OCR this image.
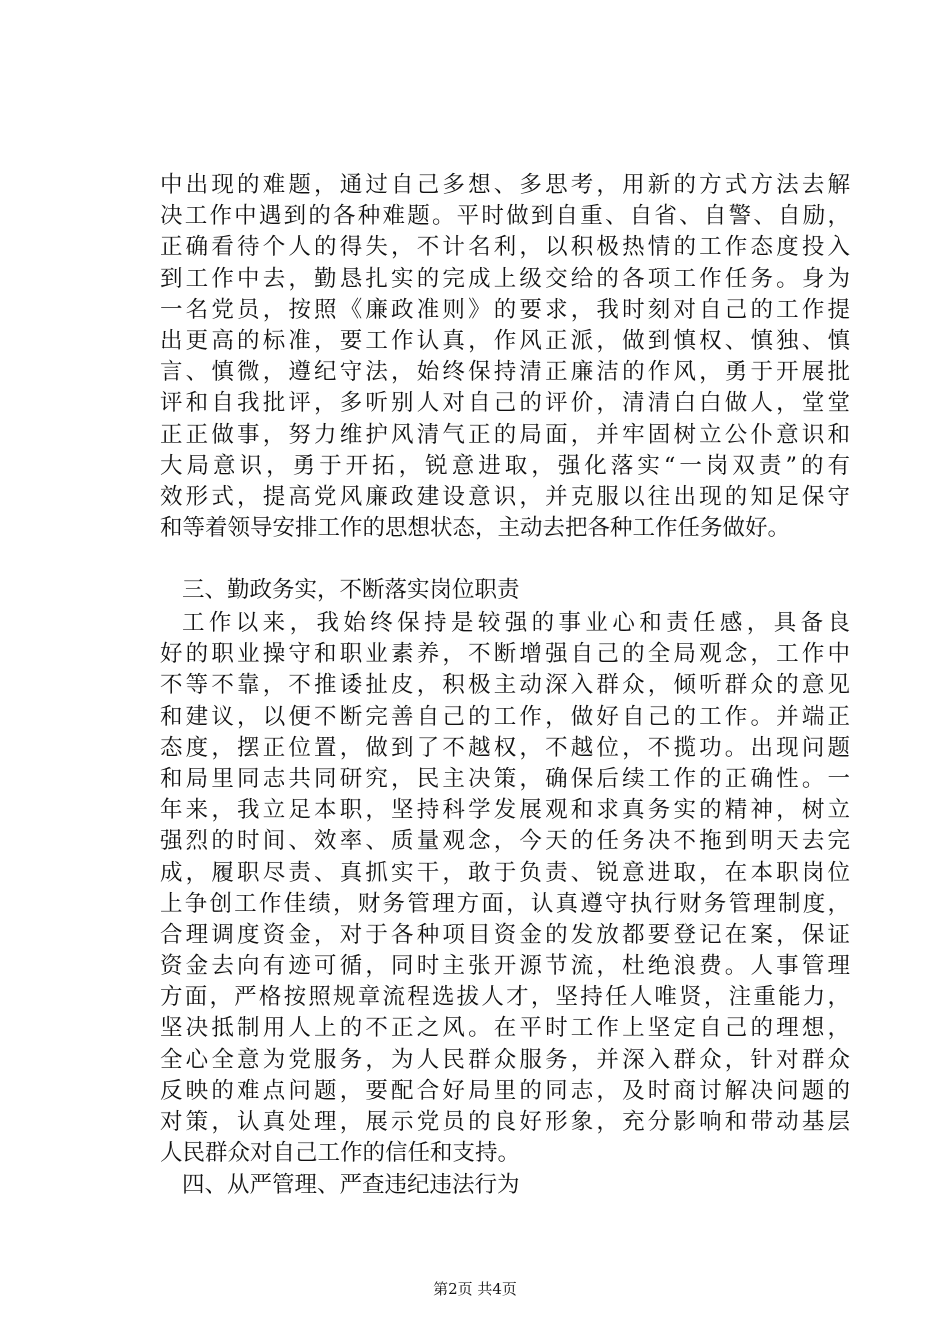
中出现的难题，通过自己多想、多思考，用新的方式方法去解
决工作中遇到的各种难题。平时做到自重、自省、自警、自励，
正确看待个人的得失，不计名利，以积极热情的工作态度投入
到工作中去，勤恳扎实的完成上级交给的各项工作任务。身为
一名党员，按照《廉政准则》的要求，我时刻对自己的工作提
出更高的标准，要工作认真，作风正派，做到慎权、慎独、慎
言、慎微，遵纪守法，始终保持清正廉洁的作风，勇于开展批
评和自我批评，多听别人对自己的评价，清清白白做人，堂堂
正正做事，努力维护风清气正的局面，并牢固树立公仆意识和
大局意识，勇于开拓，锐意进取，强化落实“一岗双责”的有
效形式，提高党风廉政建设意识，并克服以往出现的知足保守
和等着领导安排工作的思想状态，主动去把各种工作任务做好。
三、勤政务实，不断落实岗位职责
工作以来，我始终保持是较强的事业心和责任感，具备良
好的职业操守和职业素养，不断增强自己的全局观念，工作中
不等不靠，不推诿扯皮，积极主动深入群众，倾听群众的意见
和建议，以便不断完善自己的工作，做好自己的工作。并端正
态度，摆正位置，做到了不越权，不越位，不揽功。出现问题
和局里同志共同研究，民主决策，确保后续工作的正确性。一
年来，我立足本职，坚持科学发展观和求真务实的精神，树立
强烈的时间、效率、质量观念，今天的任务决不拖到明天去完
成，履职尽责、真抓实干，敢于负责、锐意进取，在本职岗位
上争创工作佳绩，财务管理方面，认真遵守执行财务管理制度，
合理调度资金，对于各种项目资金的发放都要登记在案，保证
资金去向有迹可循，同时主张开源节流，杜绝浪费。人事管理
方面，严格按照规章流程选拔人才，坚持任人唯贤，注重能力，
坚决抵制用人上的不正之风。在平时工作上坚定自己的理想，
全心全意为党服务，为人民群众服务，并深入群众，针对群众
反映的难点问题，要配合好局里的同志，及时商讨解决问题的
对策，认真处理，展示党员的良好形象，充分影响和带动基层
人民群众对自己工作的信任和支持。
四、从严管理、严查违纪违法行为
第2页 共4页
